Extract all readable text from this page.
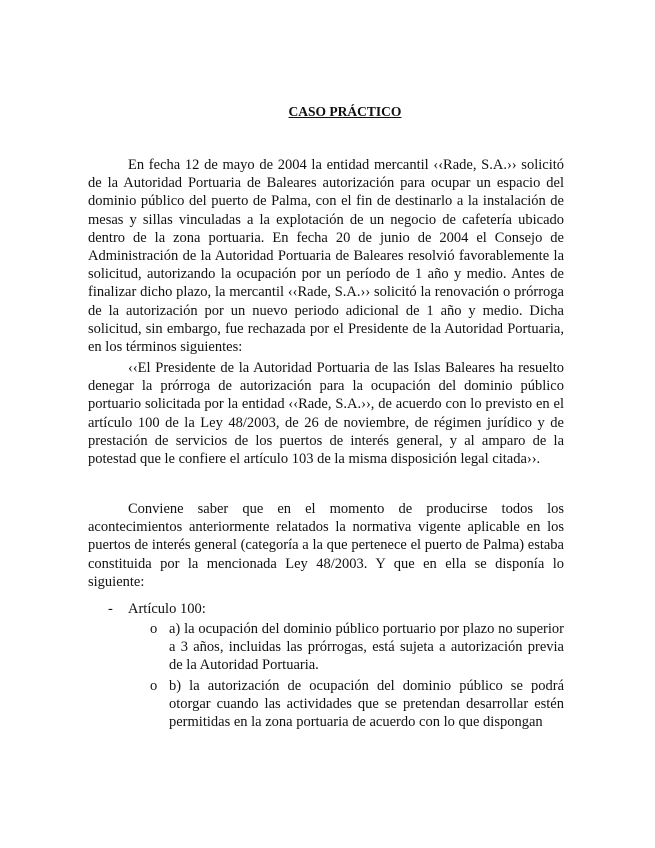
CASO PRÁCTICO

En fecha 12 de mayo de 2004 la entidad mercantil ‹‹Rade, S.A.›› solicitó de la Autoridad Portuaria de Baleares autorización para ocupar un espacio del dominio público del puerto de Palma, con el fin de destinarlo a la instalación de mesas y sillas vinculadas a la explotación de un negocio de cafetería ubicado dentro de la zona portuaria. En fecha 20 de junio de 2004 el Consejo de Administración de la Autoridad Portuaria de Baleares resolvió favorablemente la solicitud, autorizando la ocupación por un período de 1 año y medio. Antes de finalizar dicho plazo, la mercantil ‹‹Rade, S.A.›› solicitó la renovación o prórroga de la autorización por un nuevo periodo adicional de 1 año y medio. Dicha solicitud, sin embargo, fue rechazada por el Presidente de la Autoridad Portuaria, en los términos siguientes:

‹‹El Presidente de la Autoridad Portuaria de las Islas Baleares ha resuelto denegar la prórroga de autorización para la ocupación del dominio público portuario solicitada por la entidad ‹‹Rade, S.A.››, de acuerdo con lo previsto en el artículo 100 de la Ley 48/2003, de 26 de noviembre, de régimen jurídico y de prestación de servicios de los puertos de interés general, y al amparo de la potestad que le confiere el artículo 103 de la misma disposición legal citada››.

Conviene saber que en el momento de producirse todos los acontecimientos anteriormente relatados la normativa vigente aplicable en los puertos de interés general (categoría a la que pertenece el puerto de Palma) estaba constituida por la mencionada Ley 48/2003. Y que en ella se disponía lo siguiente:

- Artículo 100:
o a) la ocupación del dominio público portuario por plazo no superior a 3 años, incluidas las prórrogas, está sujeta a autorización previa de la Autoridad Portuaria.
o b) la autorización de ocupación del dominio público se podrá otorgar cuando las actividades que se pretendan desarrollar estén permitidas en la zona portuaria de acuerdo con lo que dispongan
